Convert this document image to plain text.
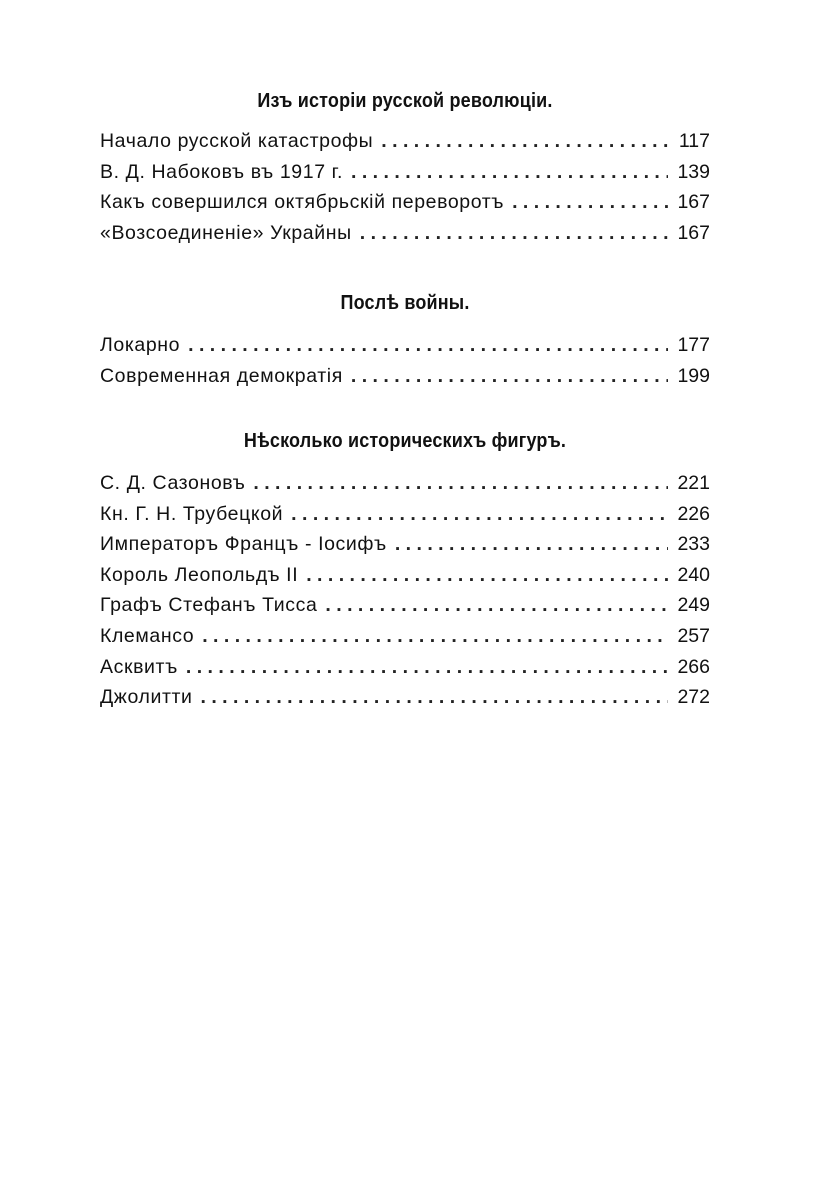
Изъ исторіи русской революціи.
Начало русской катастрофы . . .	117
В. Д. Набоковъ въ 1917 г. . . .	139
Какъ совершился октябрьскій переворотъ . . .	167
«Возсоединеніе» Украйны . . .	167
Послѣ войны.
Локарно . . .	177
Современная демократія . . .	199
Нѣсколько историческихъ фигуръ.
С. Д. Сазоновъ . . .	221
Кн. Г. Н. Трубецкой . . .	226
Императоръ Францъ - Іосифъ . . .	233
Король Леопольдъ II . . .	240
Графъ Стефанъ Тисса . . .	249
Клемансо . . .	257
Асквитъ . . .	266
Джолитти . . .	272
